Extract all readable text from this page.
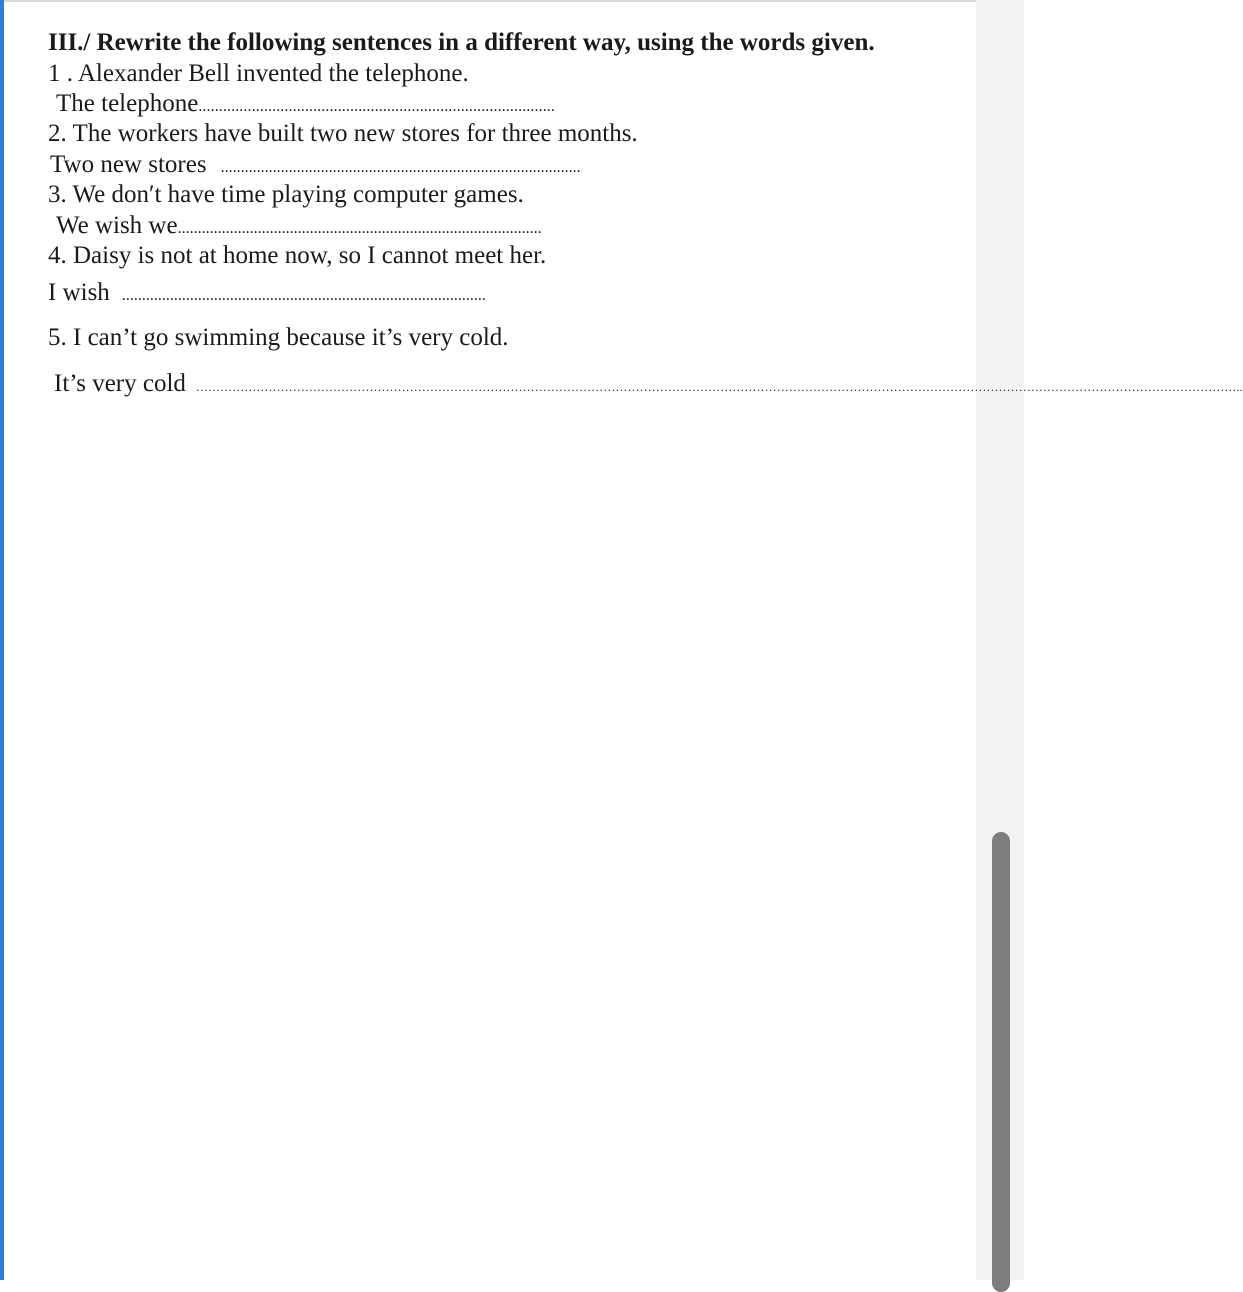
III./ Rewrite the following sentences in a different way, using the words given.
1 . Alexander Bell invented the telephone.
The telephone.......................................................................................
2. The workers have built two new stores for three months.
Two new stores ..........................................................................................
3. We don′t have time playing computer games.
We wish we...........................................................................................
4. Daisy is not at home now, so I cannot meet her.
I wish ...........................................................................................
5. I can’t go swimming because it’s very cold.
It’s very cold ……………………………………………………………………………………………………………………………………………………………………………………………………………………………………..
